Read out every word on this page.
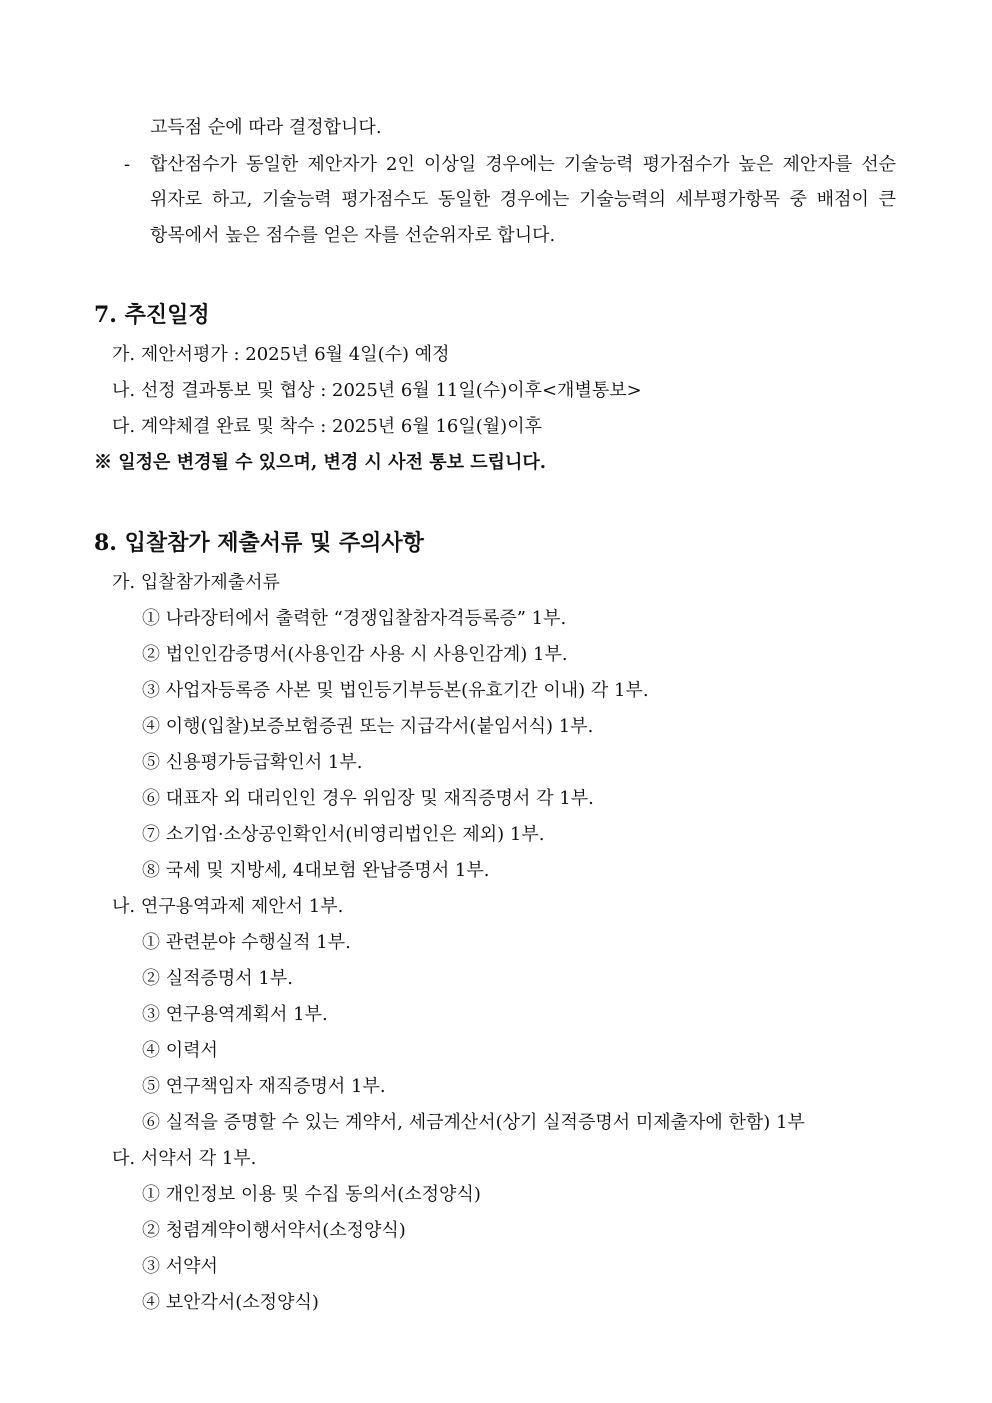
고득점 순에 따라 결정합니다.
- 합산점수가 동일한 제안자가 2인 이상일 경우에는 기술능력 평가점수가 높은 제안자를 선순
위자로 하고, 기술능력 평가점수도 동일한 경우에는 기술능력의 세부평가항목 중 배점이 큰
항목에서 높은 점수를 얻은 자를 선순위자로 합니다.
7. 추진일정
가. 제안서평가 : 2025년 6월 4일(수) 예정
나. 선정 결과통보 및 협상 : 2025년 6월 11일(수)이후<개별통보>
다. 계약체결 완료 및 착수 : 2025년 6월 16일(월)이후
※ 일정은 변경될 수 있으며, 변경 시 사전 통보 드립니다.
8. 입찰참가 제출서류 및 주의사항
가. 입찰참가제출서류
① 나라장터에서 출력한 “경쟁입찰참자격등록증” 1부.
② 법인인감증명서(사용인감 사용 시 사용인감계) 1부.
③ 사업자등록증 사본 및 법인등기부등본(유효기간 이내) 각 1부.
④ 이행(입찰)보증보험증권 또는 지급각서(붙임서식) 1부.
⑤ 신용평가등급확인서 1부.
⑥ 대표자 외 대리인인 경우 위임장 및 재직증명서 각 1부.
⑦ 소기업·소상공인확인서(비영리법인은 제외) 1부.
⑧ 국세 및 지방세, 4대보험 완납증명서 1부.
나. 연구용역과제 제안서 1부.
① 관련분야 수행실적 1부.
② 실적증명서 1부.
③ 연구용역계획서 1부.
④ 이력서
⑤ 연구책임자 재직증명서 1부.
⑥ 실적을 증명할 수 있는 계약서, 세금계산서(상기 실적증명서 미제출자에 한함) 1부
다. 서약서 각 1부.
① 개인정보 이용 및 수집 동의서(소정양식)
② 청렴계약이행서약서(소정양식)
③ 서약서
④ 보안각서(소정양식)
